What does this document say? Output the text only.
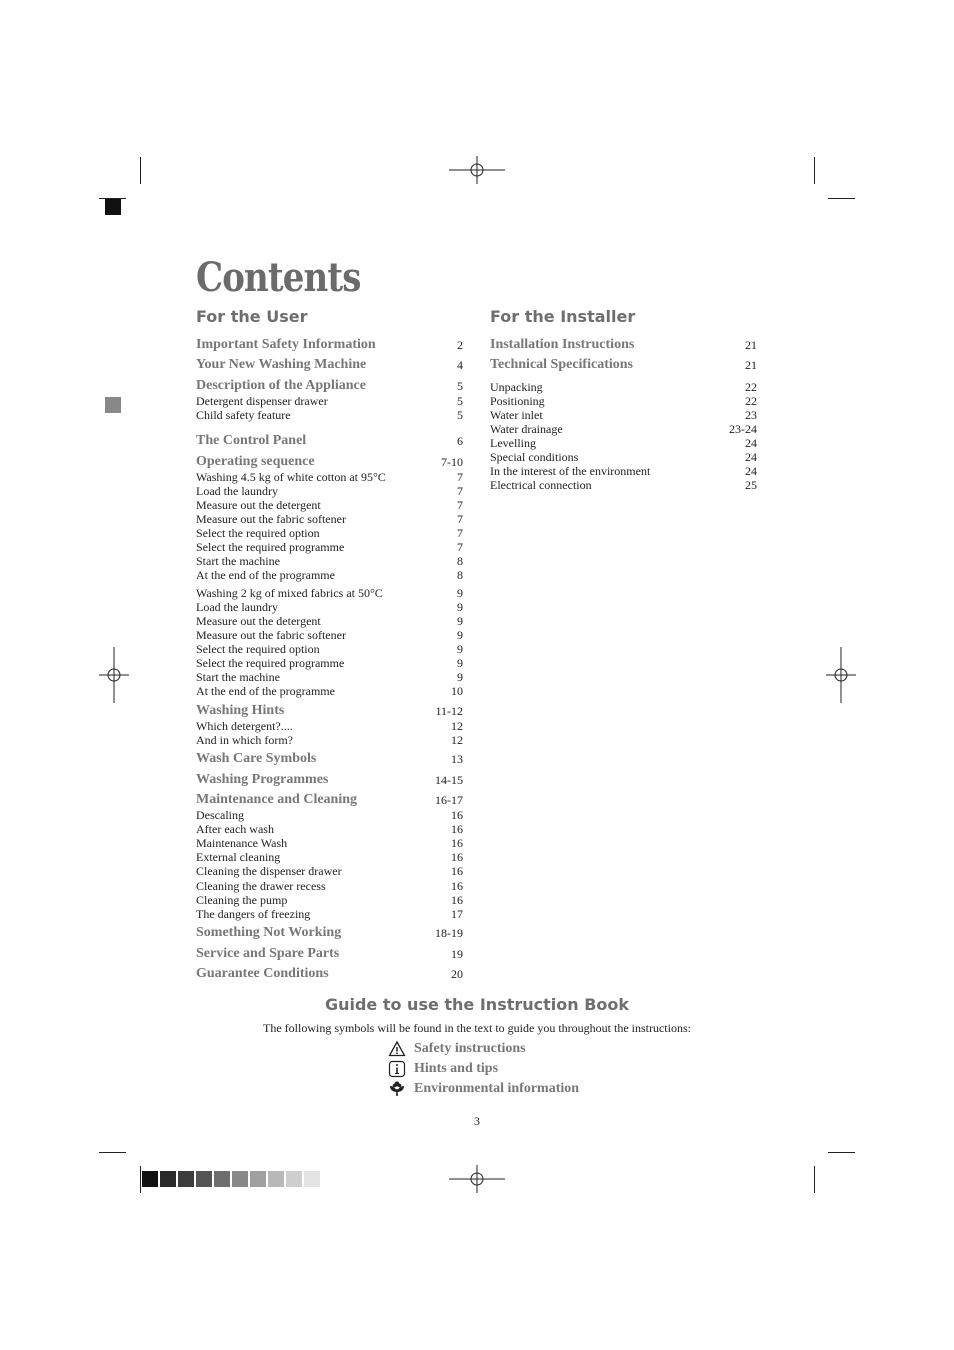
Contents
For the User	For the Installer
Important Safety Information	2
Your New Washing Machine	4
Description of the Appliance	5
Detergent dispenser drawer	5
Child safety feature	5
The Control Panel	6
Operating sequence	7-10
Washing 4.5 kg of white cotton at 95°C	7
Load the laundry	7
Measure out the detergent	7
Measure out the fabric softener	7
Select the required option	7
Select the required programme	7
Start the machine	8
At the end of the programme	8
Washing 2 kg of mixed fabrics at 50°C	9
Load the laundry	9
Measure out the detergent	9
Measure out the fabric softener	9
Select the required option	9
Select the required programme	9
Start the machine	9
At the end of the programme	10
Washing Hints	11-12
Which detergent?....	12
And in which form?	12
Wash Care Symbols	13
Washing Programmes	14-15
Maintenance and Cleaning	16-17
Descaling	16
After each wash	16
Maintenance Wash	16
External cleaning	16
Cleaning the dispenser drawer	16
Cleaning the drawer recess	16
Cleaning the pump	16
The dangers of freezing	17
Something Not Working	18-19
Service and Spare Parts	19
Guarantee Conditions	20
Installation Instructions	21
Technical Specifications	21
Unpacking	22
Positioning	22
Water inlet	23
Water drainage	23-24
Levelling	24
Special conditions	24
In the interest of the environment	24
Electrical connection	25
Guide to use the Instruction Book
The following symbols will be found in the text to guide you throughout the instructions:
Safety instructions
Hints and tips
Environmental information
3
